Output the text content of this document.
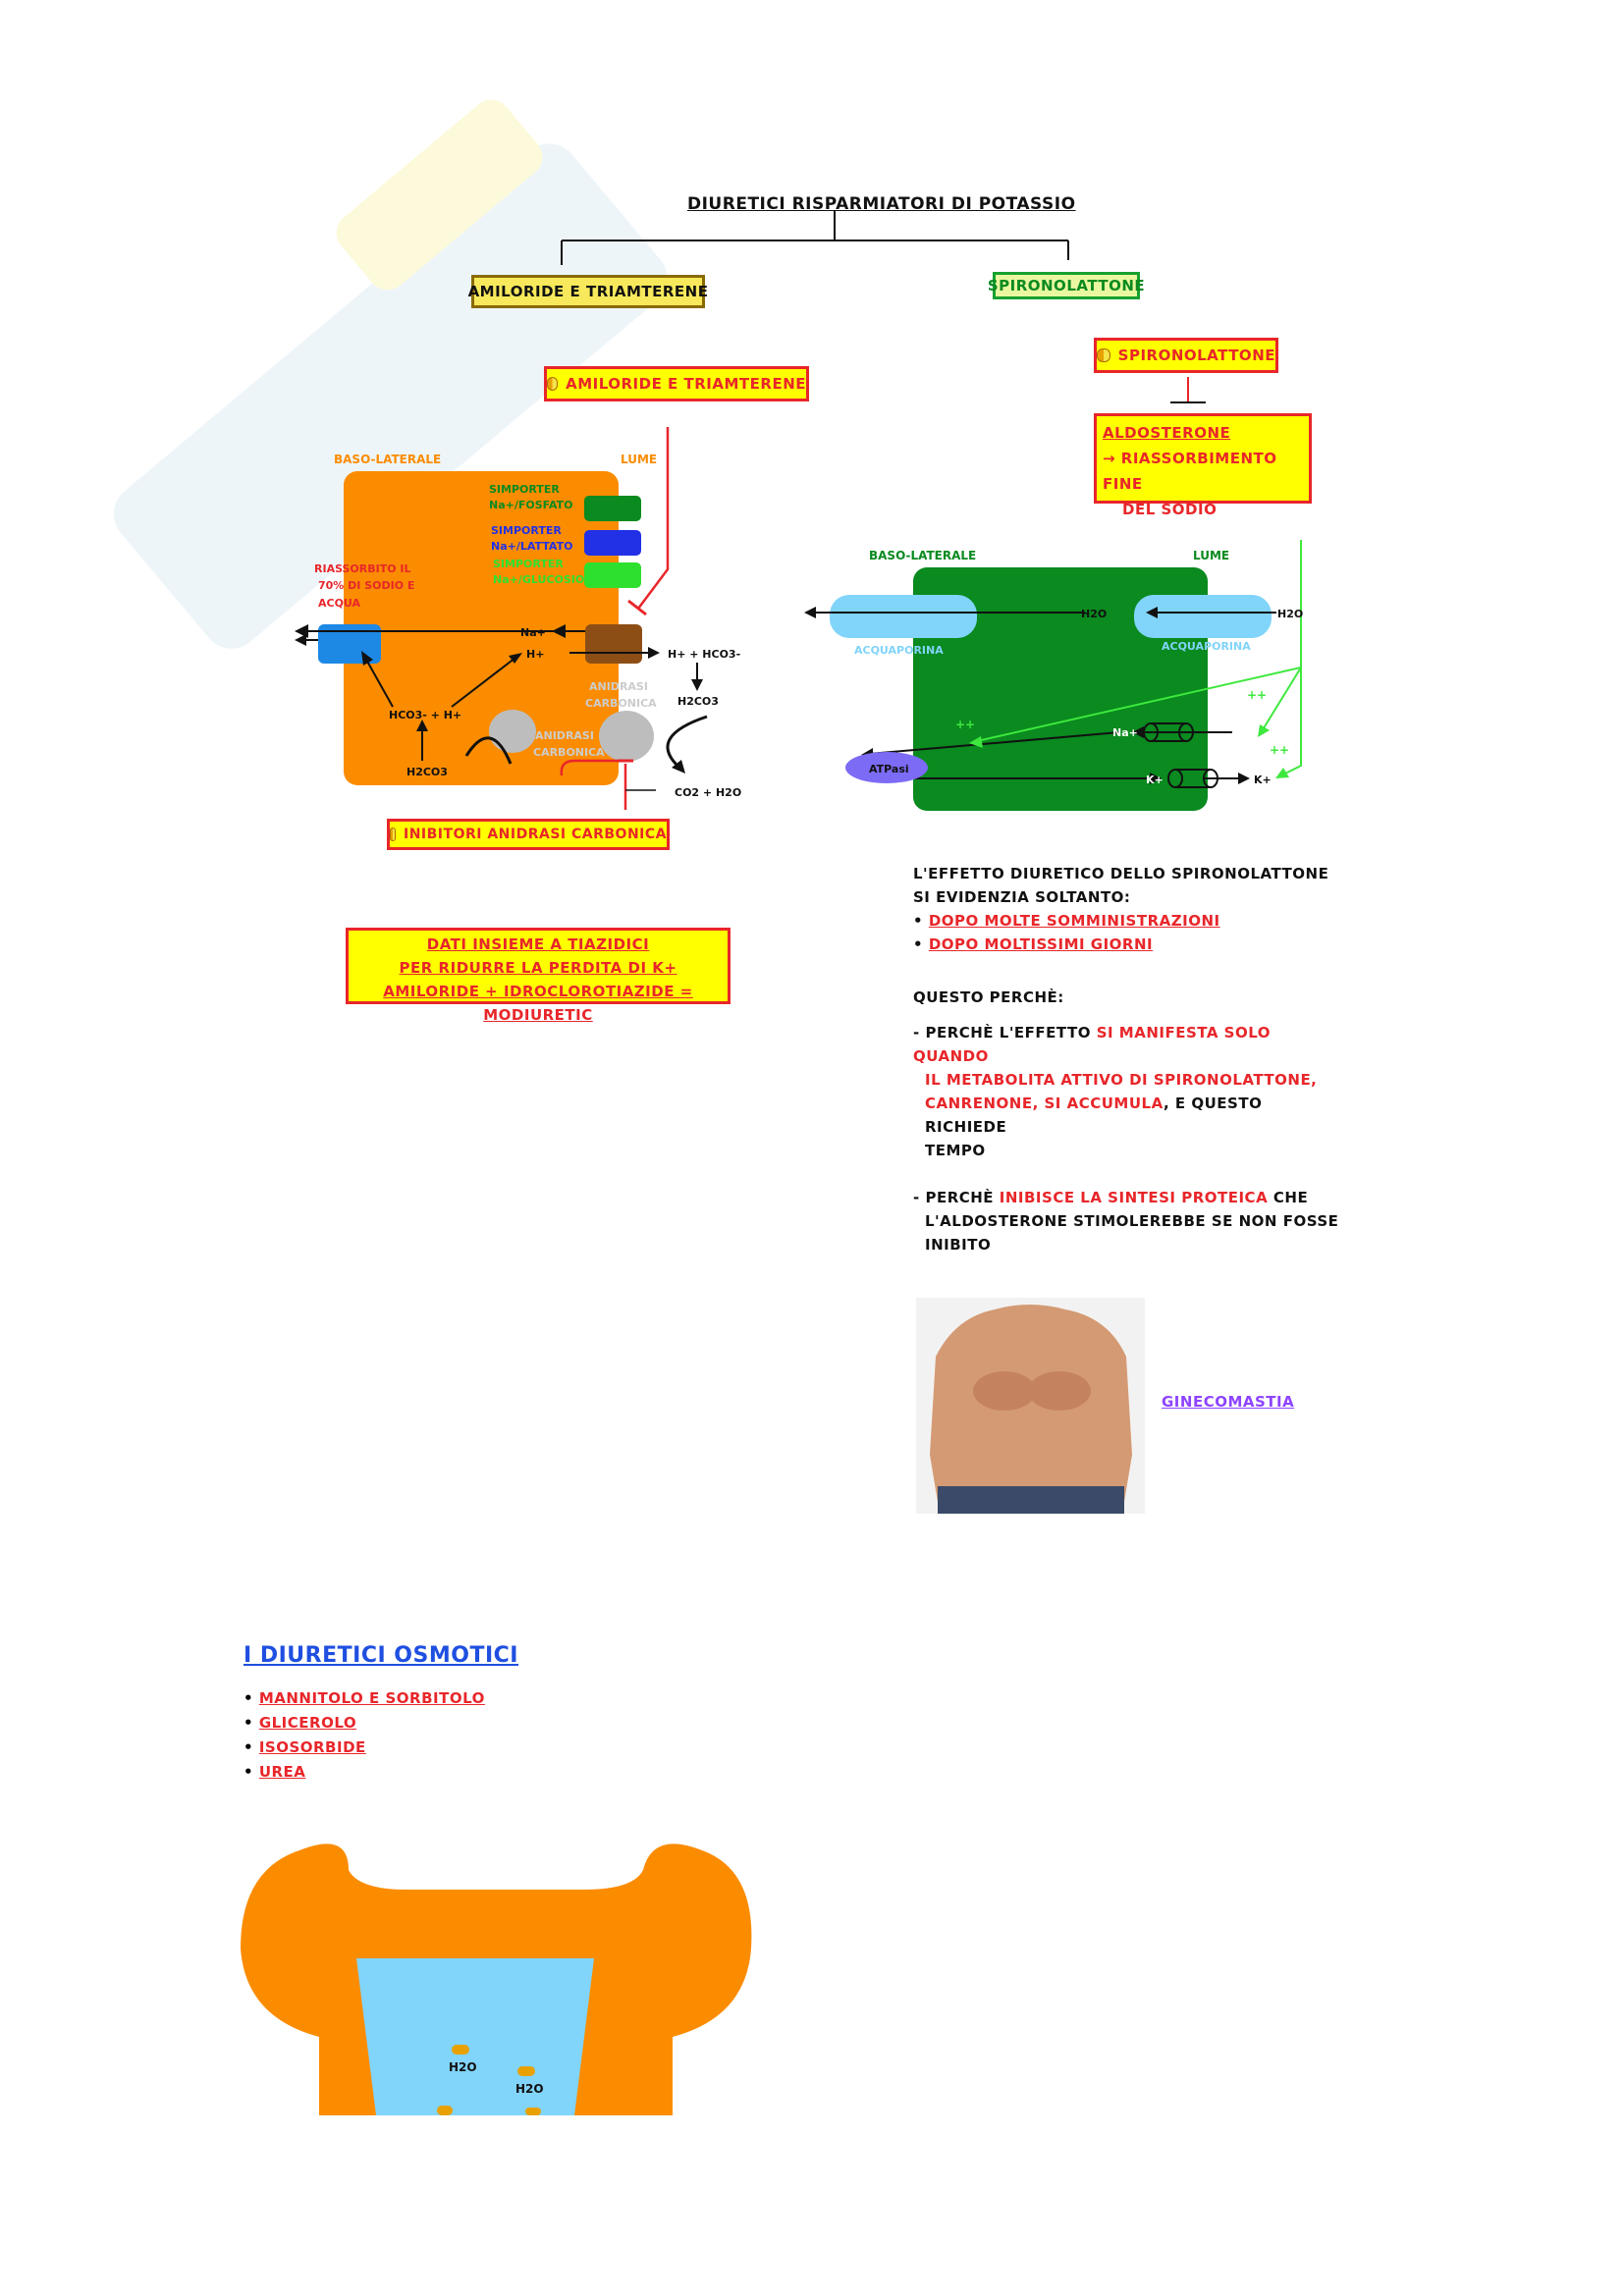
DIURETICI RISPARMIATORI DI POTASSIO
AMILORIDE E TRIAMTERENE	SPIRONOLATTONE
AMILORIDE E TRIAMTERENE
BASO-LATERALE	LUME
SIMPORTER
Na+/FOSFATO
SIMPORTER
Na+/LATTATO
SIMPORTER
Na+/GLUCOSIO
RIASSORBITO IL
70% DI SODIO E
ACQUA
Na+
H+	H+ + HCO3-
H2CO3
HCO3- + H+
H2CO3
ANIDRASI
CARBONICA
ANIDRASI
CARBONICA
CO2 + H2O
INIBITORI ANIDRASI CARBONICA
DATI INSIEME A TIAZIDICI
PER RIDURRE LA PERDITA DI K+
AMILORIDE + IDROCLOROTIAZIDE = MODIURETIC
SPIRONOLATTONE
ALDOSTERONE
→ RIASSORBIMENTO FINE
DEL SODIO
BASO-LATERALE	LUME
H2O
H2O
ACQUAPORINA	ACQUAPORINA
Na+
K+	K+
ATPasi
++
++
++
L'EFFETTO DIURETICO DELLO SPIRONOLATTONE
SI EVIDENZIA SOLTANTO:
• DOPO MOLTE SOMMINISTRAZIONI
• DOPO MOLTISSIMI GIORNI
QUESTO PERCHÈ:
- PERCHÈ L'EFFETTO SI MANIFESTA SOLO QUANDO
IL METABOLITA ATTIVO DI SPIRONOLATTONE,
CANRENONE, SI ACCUMULA, E QUESTO RICHIEDE
TEMPO
- PERCHÈ INIBISCE LA SINTESI PROTEICA CHE
L'ALDOSTERONE STIMOLEREBBE SE NON FOSSE
INIBITO
GINECOMASTIA
I DIURETICI OSMOTICI
• MANNITOLO E SORBITOLO
• GLICEROLO
• ISOSORBIDE
• UREA
H2O
H2O
